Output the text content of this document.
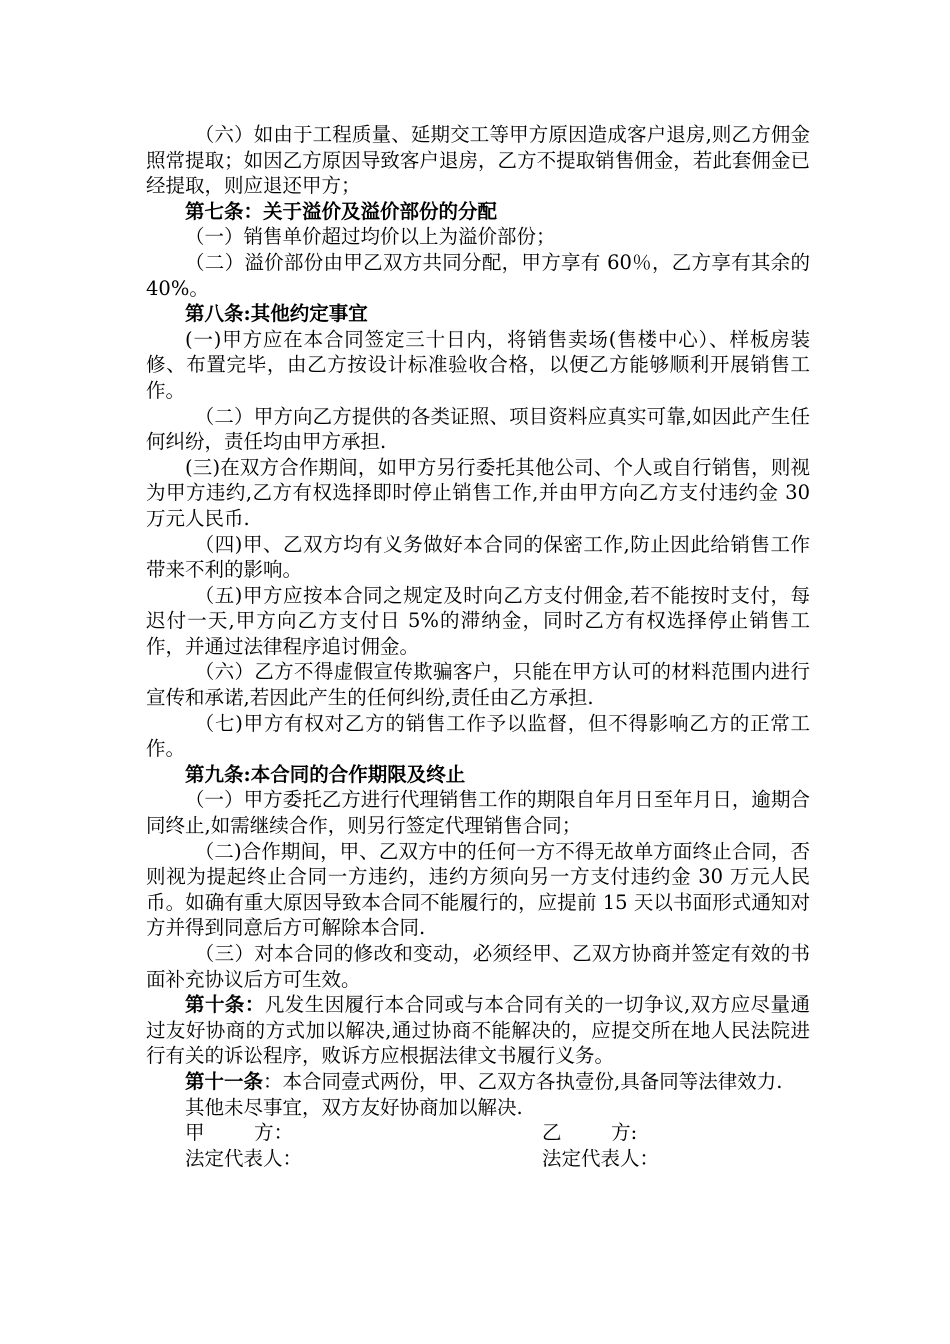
（六）如由于工程质量、延期交工等甲方原因造成客户退房,则乙方佣金照常提取；如因乙方原因导致客户退房，乙方不提取销售佣金，若此套佣金已经提取，则应退还甲方；

第七条：关于溢价及溢价部份的分配

（一）销售单价超过均价以上为溢价部份；

（二）溢价部份由甲乙双方共同分配，甲方享有 60％，乙方享有其余的 40%。

第八条:其他约定事宜

(一)甲方应在本合同签定三十日内，将销售卖场(售楼中心）、样板房装修、布置完毕，由乙方按设计标准验收合格，以便乙方能够顺利开展销售工作。

（二）甲方向乙方提供的各类证照、项目资料应真实可靠,如因此产生任何纠纷，责任均由甲方承担.

(三)在双方合作期间，如甲方另行委托其他公司、个人或自行销售，则视为甲方违约,乙方有权选择即时停止销售工作,并由甲方向乙方支付违约金 30 万元人民币.

（四)甲、乙双方均有义务做好本合同的保密工作,防止因此给销售工作带来不利的影响。

（五)甲方应按本合同之规定及时向乙方支付佣金,若不能按时支付，每迟付一天,甲方向乙方支付日 5%的滞纳金，同时乙方有权选择停止销售工作，并通过法律程序追讨佣金。

（六）乙方不得虚假宣传欺骗客户，只能在甲方认可的材料范围内进行宣传和承诺,若因此产生的任何纠纷,责任由乙方承担.

（七)甲方有权对乙方的销售工作予以监督，但不得影响乙方的正常工作。

第九条:本合同的合作期限及终止

（一）甲方委托乙方进行代理销售工作的期限自年月日至年月日，逾期合同终止,如需继续合作，则另行签定代理销售合同；

（二)合作期间，甲、乙双方中的任何一方不得无故单方面终止合同，否则视为提起终止合同一方违约，违约方须向另一方支付违约金 30 万元人民币。如确有重大原因导致本合同不能履行的，应提前 15 天以书面形式通知对方并得到同意后方可解除本合同.

（三）对本合同的修改和变动，必须经甲、乙双方协商并签定有效的书面补充协议后方可生效。

第十条：凡发生因履行本合同或与本合同有关的一切争议,双方应尽量通过友好协商的方式加以解决,通过协商不能解决的，应提交所在地人民法院进行有关的诉讼程序，败诉方应根据法律文书履行义务。

第十一条：本合同壹式两份，甲、乙双方各执壹份,具备同等法律效力.

其他未尽事宜，双方友好协商加以解决.

甲        方：	乙        方:
法定代表人：	法定代表人：
